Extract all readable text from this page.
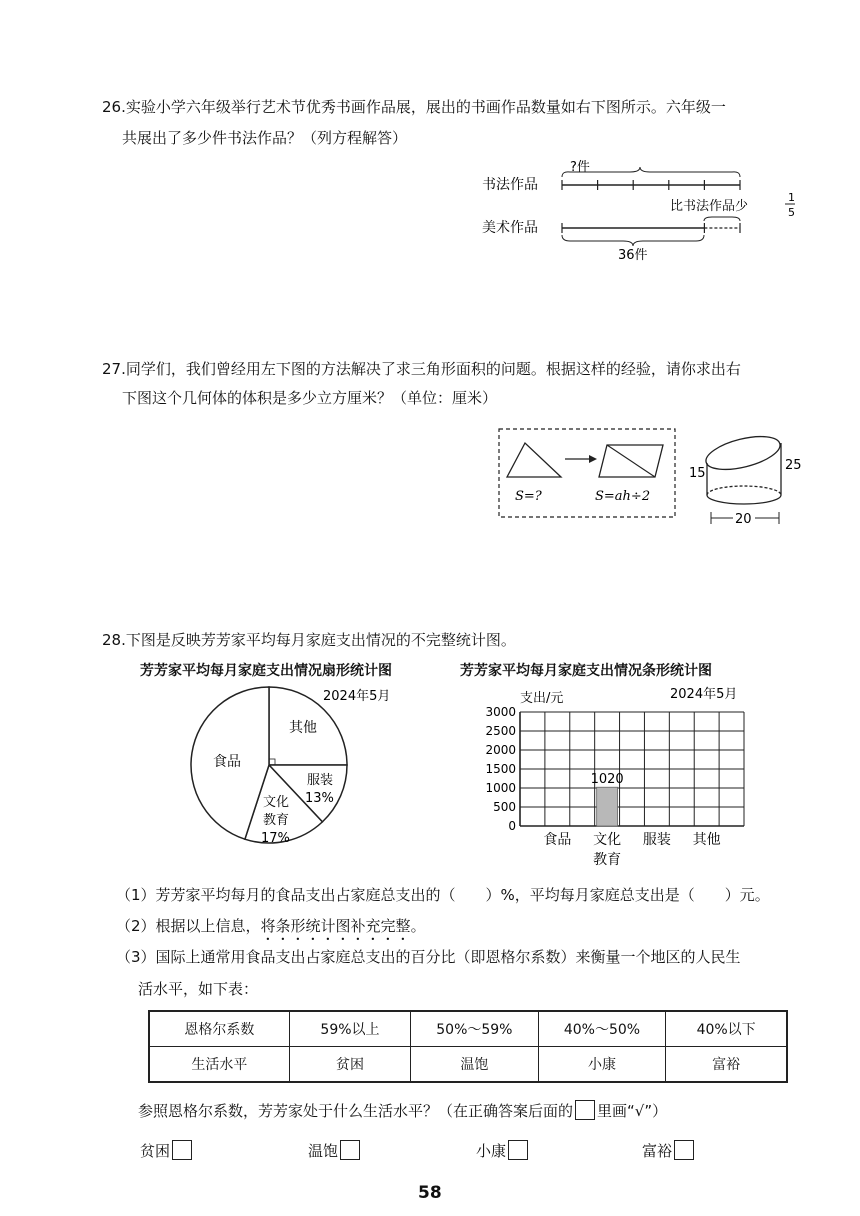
26.实验小学六年级举行艺术节优秀书画作品展，展出的书画作品数量如右下图所示。六年级一
共展出了多少件书法作品？（列方程解答）
?件
书法作品
比书法作品少
1
5
美术作品
36件
27.同学们，我们曾经用左下图的方法解决了求三角形面积的问题。根据这样的经验，请你求出右
下图这个几何体的体积是多少立方厘米？（单位：厘米）
S=?	S=ah÷2
15
25
20
28.下图是反映芳芳家平均每月家庭支出情况的不完整统计图。
芳芳家平均每月家庭支出情况扇形统计图	芳芳家平均每月家庭支出情况条形统计图
2024年5月
其他
食品
服装
13%
文化
教育
17%
支出/元	2024年5月
0
500
1000
1500
2000
2500
3000
1020
食品 文化
教育
服装 其他
（1）芳芳家平均每月的食品支出占家庭总支出的（　　）%，平均每月家庭总支出是（　　）元。
（2）根据以上信息，将条形统计图补充完整。
（3）国际上通常用食品支出占家庭总支出的百分比（即恩格尔系数）来衡量一个地区的人民生
活水平，如下表：
恩格尔系数	59%以上	50%～59%	40%～50%	40%以下
生活水平	贫困	温饱	小康	富裕
参照恩格尔系数，芳芳家处于什么生活水平？（在正确答案后面的 里画“√”）
贫困	温饱	小康	富裕
58
